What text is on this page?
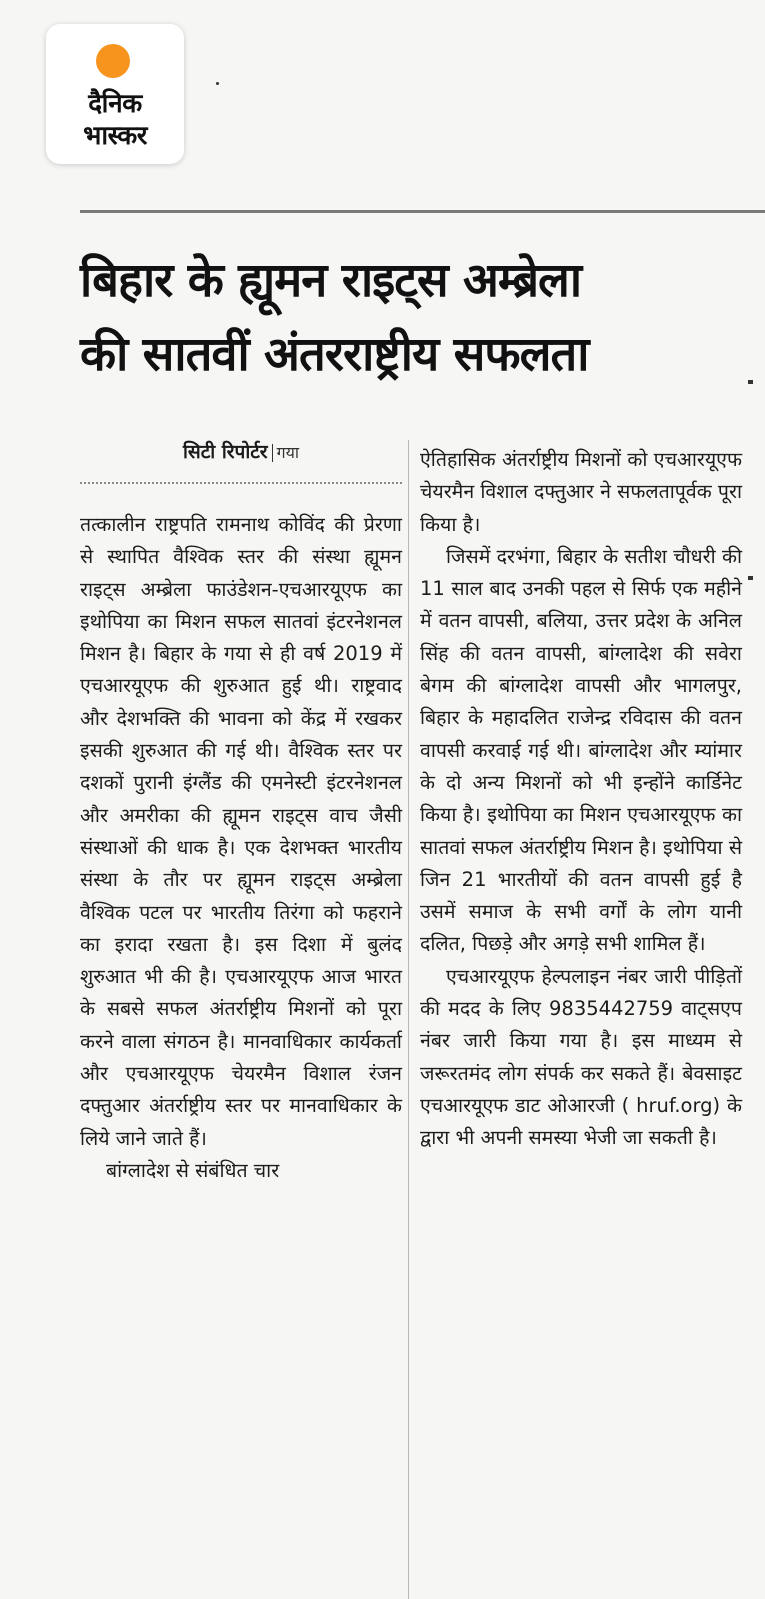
दैनिक
भास्कर
बिहार के ह्यूमन राइट्स अम्ब्रेला
की सातवीं अंतरराष्ट्रीय सफलता
सिटी रिपोर्टर गया

तत्कालीन राष्ट्रपति रामनाथ कोविंद की प्रेरणा से स्थापित वैश्विक स्तर की संस्था ह्यूमन राइट्स अम्ब्रेला फाउंडेशन-एचआरयूएफ का इथोपिया का मिशन सफल सातवां इंटरनेशनल मिशन है। बिहार के गया से ही वर्ष 2019 में एचआरयूएफ की शुरुआत हुई थी। राष्ट्रवाद और देशभक्ति की भावना को केंद्र में रखकर इसकी शुरुआत की गई थी। वैश्विक स्तर पर दशकों पुरानी इंग्लैंड की एमनेस्टी इंटरनेशनल और अमरीका की ह्यूमन राइट्स वाच जैसी संस्थाओं की धाक है। एक देशभक्त भारतीय संस्था के तौर पर ह्यूमन राइट्स अम्ब्रेला वैश्विक पटल पर भारतीय तिरंगा को फहराने का इरादा रखता है। इस दिशा में बुलंद शुरुआत भी की है। एचआरयूएफ आज भारत के सबसे सफल अंतर्राष्ट्रीय मिशनों को पूरा करने वाला संगठन है। मानवाधिकार कार्यकर्ता और एचआरयूएफ चेयरमैन विशाल रंजन दफ्तुआर अंतर्राष्ट्रीय स्तर पर मानवाधिकार के लिये जाने जाते हैं।

बांग्लादेश से संबंधित चार

ऐतिहासिक अंतर्राष्ट्रीय मिशनों को एचआरयूएफ चेयरमैन विशाल दफ्तुआर ने सफलतापूर्वक पूरा किया है।

जिसमें दरभंगा, बिहार के सतीश चौधरी की 11 साल बाद उनकी पहल से सिर्फ एक महीने में वतन वापसी, बलिया, उत्तर प्रदेश के अनिल सिंह की वतन वापसी, बांग्लादेश की सवेरा बेगम की बांग्लादेश वापसी और भागलपुर, बिहार के महादलित राजेन्द्र रविदास की वतन वापसी करवाई गई थी। बांग्लादेश और म्यांमार के दो अन्य मिशनों को भी इन्होंने कार्डिनेट किया है। इथोपिया का मिशन एचआरयूएफ का सातवां सफल अंतर्राष्ट्रीय मिशन है। इथोपिया से जिन 21 भारतीयों की वतन वापसी हुई है उसमें समाज के सभी वर्गों के लोग यानी दलित, पिछड़े और अगड़े सभी शामिल हैं।

एचआरयूएफ हेल्पलाइन नंबर जारी पीड़ितों की मदद के लिए 9835442759 वाट्सएप नंबर जारी किया गया है। इस माध्यम से जरूरतमंद लोग संपर्क कर सकते हैं। बेवसाइट एचआरयूएफ डाट ओआरजी ( hruf.org) के द्वारा भी अपनी समस्या भेजी जा सकती है।
